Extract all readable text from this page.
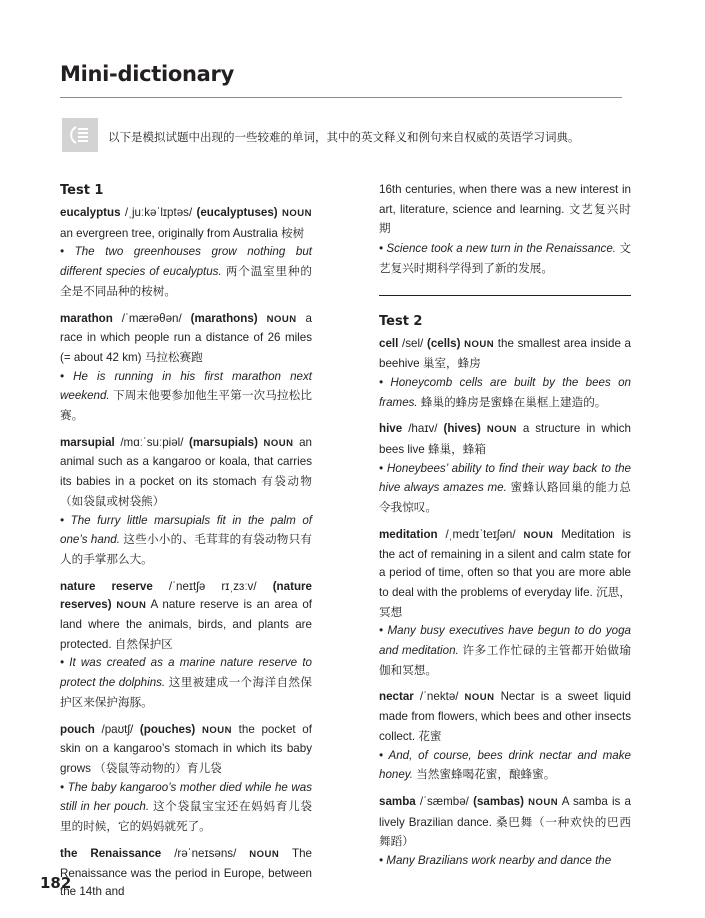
Mini-dictionary
以下是模拟试题中出现的一些较难的单词，其中的英文释义和例句来自权威的英语学习词典。
Test 1

eucalyptus /ˌjuːkəˈlɪptəs/ (eucalyptuses) NOUN an evergreen tree, originally from Australia 桉树

• The two greenhouses grow nothing but different species of eucalyptus. 两个温室里种的全是不同品种的桉树。

marathon /ˈmærəθən/ (marathons) NOUN a race in which people run a distance of 26 miles (= about 42 km) 马拉松赛跑

• He is running in his first marathon next weekend. 下周末他要参加他生平第一次马拉松比赛。

marsupial /mɑːˈsuːpiəl/ (marsupials) NOUN an animal such as a kangaroo or koala, that carries its babies in a pocket on its stomach 有袋动物（如袋鼠或树袋熊）

• The furry little marsupials fit in the palm of one’s hand. 这些小小的、毛茸茸的有袋动物只有人的手掌那么大。

nature reserve /ˈneɪtʃə rɪˌzɜːv/ (nature reserves) NOUN A nature reserve is an area of land where the animals, birds, and plants are protected. 自然保护区

• It was created as a marine nature reserve to protect the dolphins. 这里被建成一个海洋自然保护区来保护海豚。

pouch /paʊtʃ/ (pouches) NOUN the pocket of skin on a kangaroo’s stomach in which its baby grows （袋鼠等动物的）育儿袋

• The baby kangaroo’s mother died while he was still in her pouch. 这个袋鼠宝宝还在妈妈育儿袋里的时候，它的妈妈就死了。

the Renaissance /rəˈneɪsəns/ NOUN The Renaissance was the period in Europe, between the 14th and

16th centuries, when there was a new interest in art, literature, science and learning. 文艺复兴时期

• Science took a new turn in the Renaissance. 文艺复兴时期科学得到了新的发展。

Test 2

cell /sel/ (cells) NOUN the smallest area inside a beehive 巢室，蜂房

• Honeycomb cells are built by the bees on frames. 蜂巢的蜂房是蜜蜂在巢框上建造的。

hive /haɪv/ (hives) NOUN a structure in which bees live 蜂巢，蜂箱

• Honeybees’ ability to find their way back to the hive always amazes me. 蜜蜂认路回巢的能力总令我惊叹。

meditation /ˌmedɪˈteɪʃən/ NOUN Meditation is the act of remaining in a silent and calm state for a period of time, often so that you are more able to deal with the problems of everyday life. 沉思，冥想

• Many busy executives have begun to do yoga and meditation. 许多工作忙碌的主管都开始做瑜伽和冥想。

nectar /ˈnektə/ NOUN Nectar is a sweet liquid made from flowers, which bees and other insects collect. 花蜜

• And, of course, bees drink nectar and make honey. 当然蜜蜂喝花蜜，酿蜂蜜。

samba /ˈsæmbə/ (sambas) NOUN A samba is a lively Brazilian dance. 桑巴舞（一种欢快的巴西舞蹈）

• Many Brazilians work nearby and dance the

182
